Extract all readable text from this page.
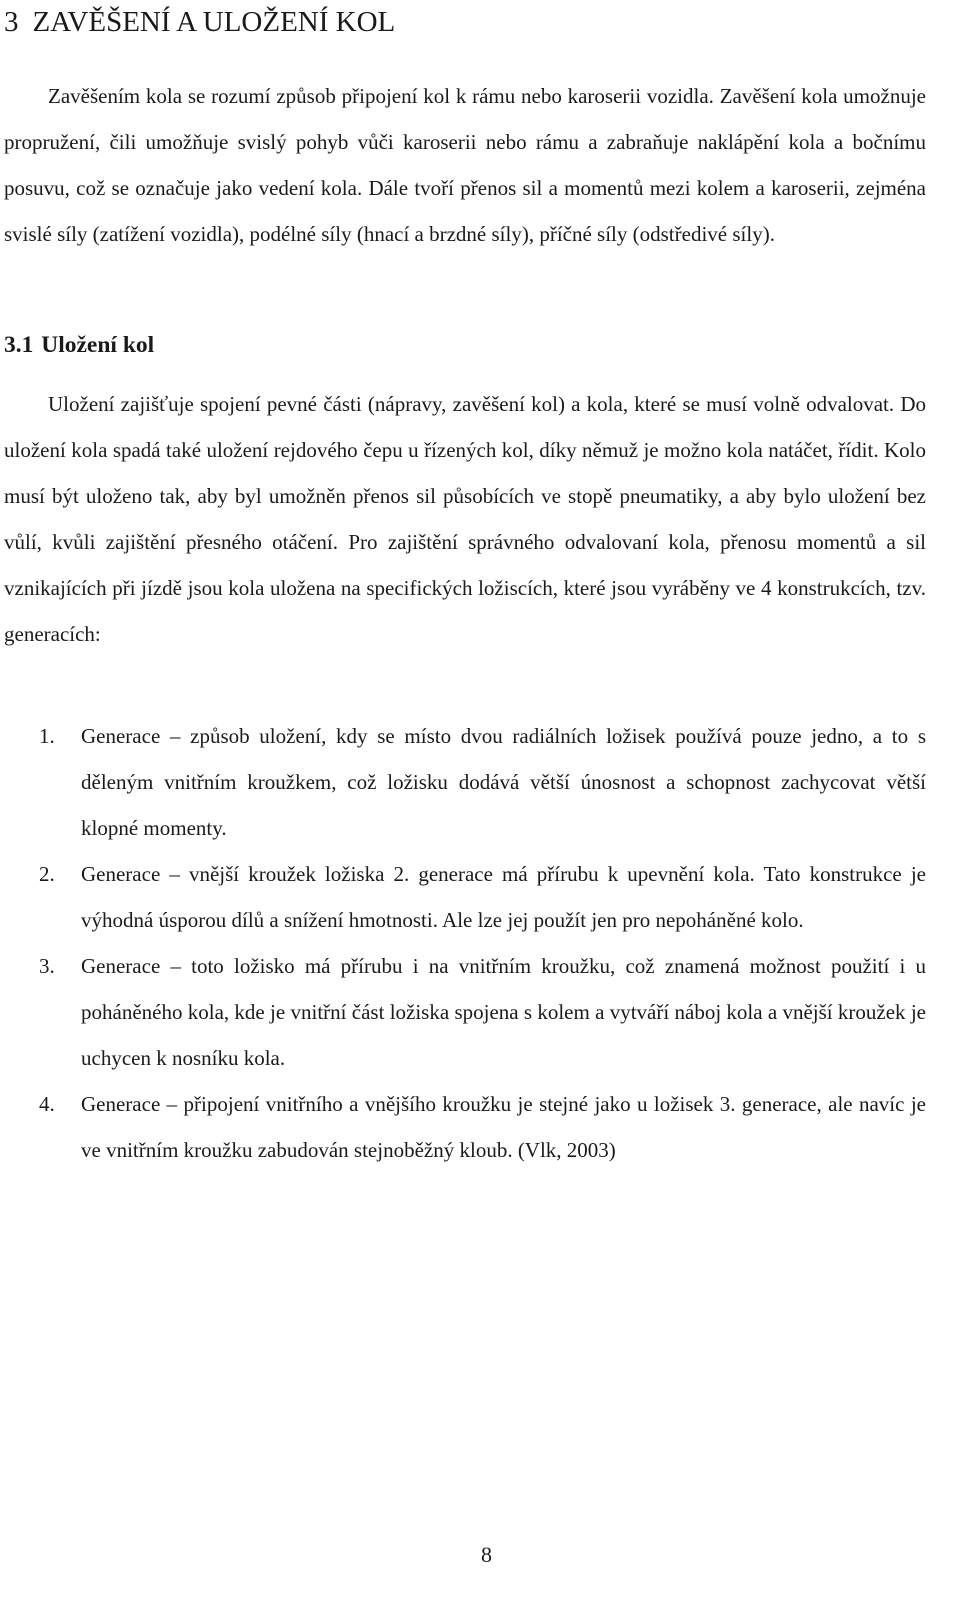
3 ZAVĚŠENÍ A ULOŽENÍ KOL

Zavěšením kola se rozumí způsob připojení kol k rámu nebo karoserii vozidla. Zavěšení kola umožnuje propružení, čili umožňuje svislý pohyb vůči karoserii nebo rámu a zabraňuje naklápění kola a bočnímu posuvu, což se označuje jako vedení kola. Dále tvoří přenos sil a momentů mezi kolem a karoserii, zejména svislé síly (zatížení vozidla), podélné síly (hnací a brzdné síly), příčné síly (odstředivé síly).

3.1 Uložení kol

Uložení zajišťuje spojení pevné části (nápravy, zavěšení kol) a kola, které se musí volně odvalovat. Do uložení kola spadá také uložení rejdového čepu u řízených kol, díky němuž je možno kola natáčet, řídit. Kolo musí být uloženo tak, aby byl umožněn přenos sil působících ve stopě pneumatiky, a aby bylo uložení bez vůlí, kvůli zajištění přesného otáčení. Pro zajištění správného odvalovaní kola, přenosu momentů a sil vznikajících při jízdě jsou kola uložena na specifických ložiscích, které jsou vyráběny ve 4 konstrukcích, tzv. generacích:

1. Generace – způsob uložení, kdy se místo dvou radiálních ložisek používá pouze jedno, a to s děleným vnitřním kroužkem, což ložisku dodává větší únosnost a schopnost zachycovat větší klopné momenty.
2. Generace – vnější kroužek ložiska 2. generace má přírubu k upevnění kola. Tato konstrukce je výhodná úsporou dílů a snížení hmotnosti. Ale lze jej použít jen pro nepoháněné kolo.
3. Generace – toto ložisko má přírubu i na vnitřním kroužku, což znamená možnost použití i u poháněného kola, kde je vnitřní část ložiska spojena s kolem a vytváří náboj kola a vnější kroužek je uchycen k nosníku kola.
4. Generace – připojení vnitřního a vnějšího kroužku je stejné jako u ložisek 3. generace, ale navíc je ve vnitřním kroužku zabudován stejnoběžný kloub. (Vlk, 2003)
8
